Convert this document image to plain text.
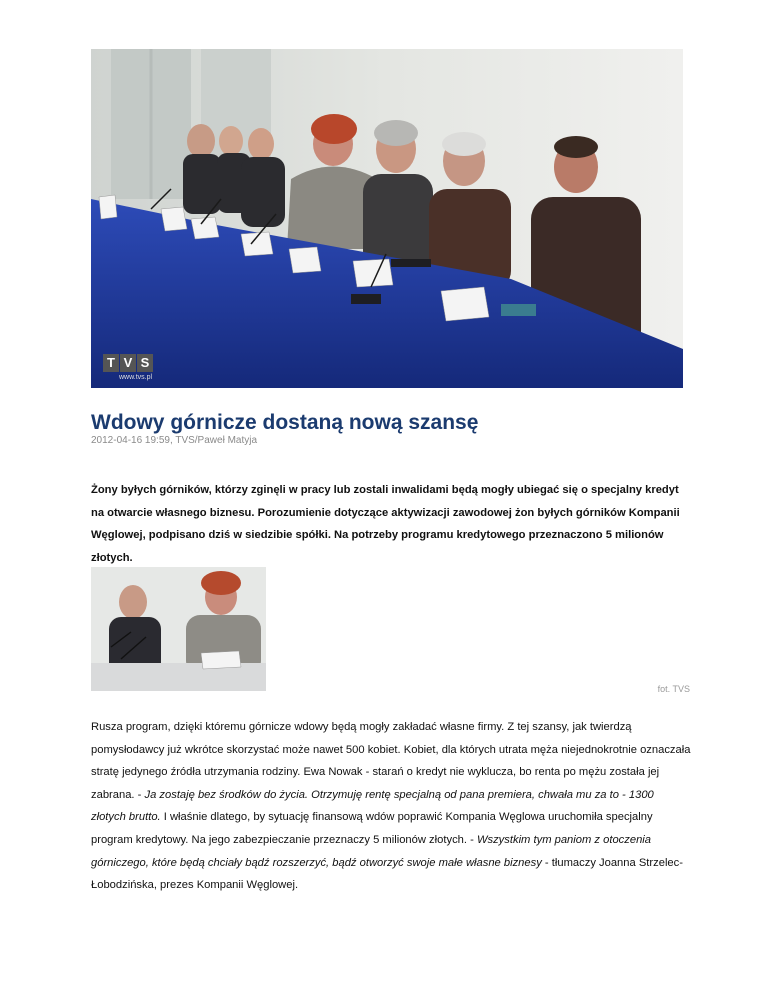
T V S
www.tvs.pl
Wdowy górnicze dostaną nową szansę
2012-04-16 19:59, TVS/Paweł Matyja

Żony byłych górników, którzy zginęli w pracy lub zostali inwalidami będą mogły ubiegać się o specjalny kredyt na otwarcie własnego biznesu. Porozumienie dotyczące aktywizacji zawodowej żon byłych górników Kompanii Węglowej, podpisano dziś w siedzibie spółki. Na potrzeby programu kredytowego przeznaczono 5 milionów złotych.

fot. TVS

Rusza program, dzięki któremu górnicze wdowy będą mogły zakładać własne firmy. Z tej szansy, jak twierdzą pomysłodawcy już wkrótce skorzystać może nawet 500 kobiet. Kobiet, dla których utrata męża niejednokrotnie oznaczała stratę jedynego źródła utrzymania rodziny. Ewa Nowak - starań o kredyt nie wyklucza, bo renta po mężu została jej zabrana. - Ja zostaję bez środków do życia. Otrzymuję rentę specjalną od pana premiera, chwała mu za to - 1300 złotych brutto. I właśnie dlatego, by sytuację finansową wdów poprawić Kompania Węglowa uruchomiła specjalny program kredytowy. Na jego zabezpieczanie przeznaczy 5 milionów złotych. - Wszystkim tym paniom z otoczenia górniczego, które będą chciały bądź rozszerzyć, bądź otworzyć swoje małe własne biznesy - tłumaczy Joanna Strzelec-Łobodzińska, prezes Kompanii Węglowej.
